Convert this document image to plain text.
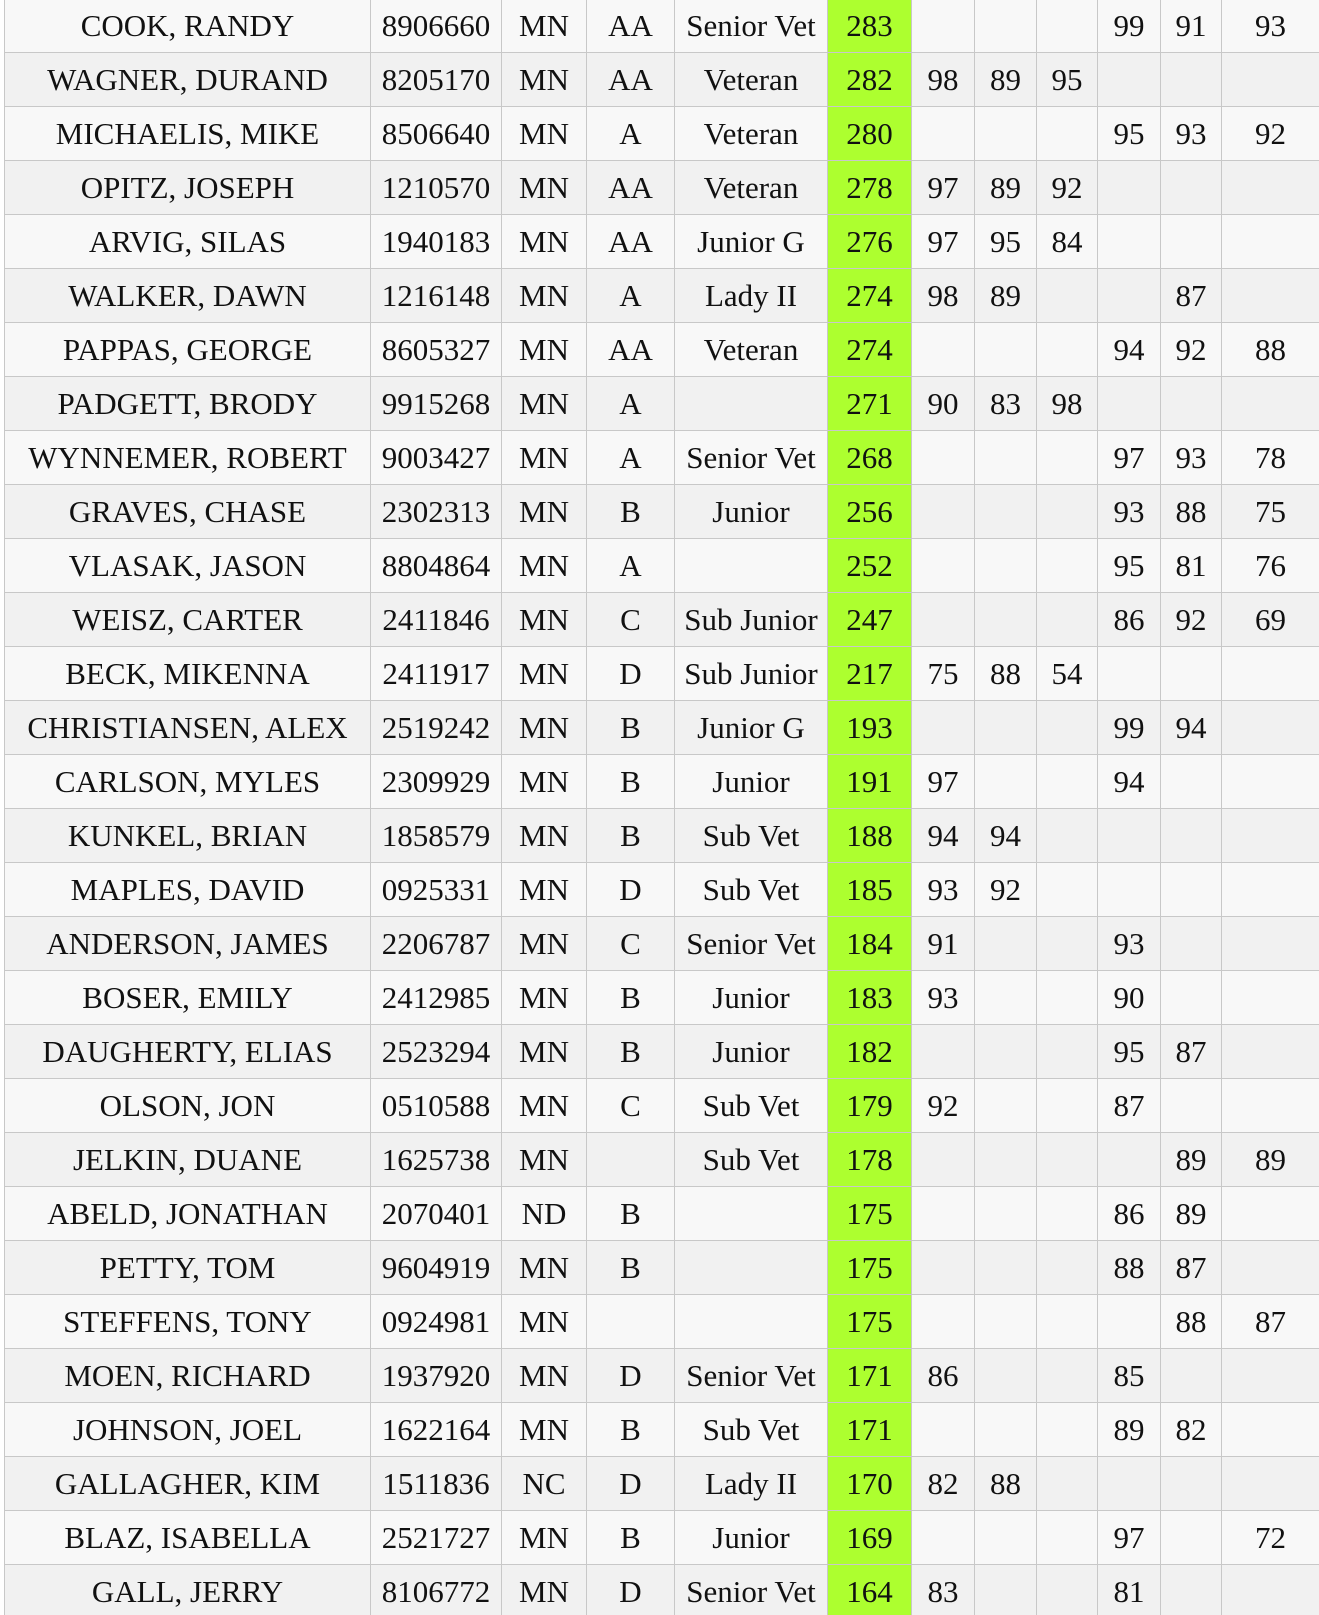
COOK, RANDY	8906660	MN	AA	Senior Vet	283				99	91	93
WAGNER, DURAND	8205170	MN	AA	Veteran	282	98	89	95			
MICHAELIS, MIKE	8506640	MN	A	Veteran	280				95	93	92
OPITZ, JOSEPH	1210570	MN	AA	Veteran	278	97	89	92			
ARVIG, SILAS	1940183	MN	AA	Junior G	276	97	95	84			
WALKER, DAWN	1216148	MN	A	Lady II	274	98	89			87	
PAPPAS, GEORGE	8605327	MN	AA	Veteran	274				94	92	88
PADGETT, BRODY	9915268	MN	A		271	90	83	98			
WYNNEMER, ROBERT	9003427	MN	A	Senior Vet	268				97	93	78
GRAVES, CHASE	2302313	MN	B	Junior	256				93	88	75
VLASAK, JASON	8804864	MN	A		252				95	81	76
WEISZ, CARTER	2411846	MN	C	Sub Junior	247				86	92	69
BECK, MIKENNA	2411917	MN	D	Sub Junior	217	75	88	54			
CHRISTIANSEN, ALEX	2519242	MN	B	Junior G	193				99	94	
CARLSON, MYLES	2309929	MN	B	Junior	191	97			94		
KUNKEL, BRIAN	1858579	MN	B	Sub Vet	188	94	94				
MAPLES, DAVID	0925331	MN	D	Sub Vet	185	93	92				
ANDERSON, JAMES	2206787	MN	C	Senior Vet	184	91			93		
BOSER, EMILY	2412985	MN	B	Junior	183	93			90		
DAUGHERTY, ELIAS	2523294	MN	B	Junior	182				95	87	
OLSON, JON	0510588	MN	C	Sub Vet	179	92			87		
JELKIN, DUANE	1625738	MN		Sub Vet	178					89	89
ABELD, JONATHAN	2070401	ND	B		175				86	89	
PETTY, TOM	9604919	MN	B		175				88	87	
STEFFENS, TONY	0924981	MN			175					88	87
MOEN, RICHARD	1937920	MN	D	Senior Vet	171	86			85		
JOHNSON, JOEL	1622164	MN	B	Sub Vet	171				89	82	
GALLAGHER, KIM	1511836	NC	D	Lady II	170	82	88				
BLAZ, ISABELLA	2521727	MN	B	Junior	169				97		72
GALL, JERRY	8106772	MN	D	Senior Vet	164	83			81		
